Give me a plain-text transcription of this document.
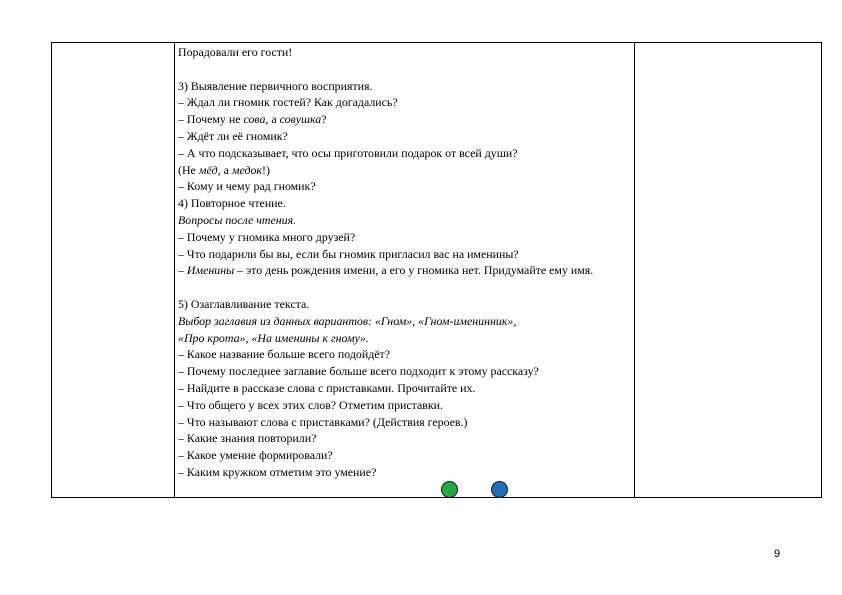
Порадовали его гости!
3) Выявление первичного восприятия.
– Ждал ли гномик гостей? Как догадались?
– Почему не сова, а совушка?
– Ждёт ли её гномик?
– А что подсказывает, что осы приготовили подарок от всей души?
(Не мёд, а медок!)
– Кому и чему рад гномик?
4) Повторное чтение.
Вопросы после чтения.
– Почему у гномика много друзей?
– Что подарили бы вы, если бы гномик пригласил вас на именины?
– Именины – это день рождения имени, а его у гномика нет. Придумайте ему имя.
5) Озаглавливание текста.
Выбор заглавия из данных вариантов: «Гном», «Гном-именинник»,
«Про крота», «На именины к гному».
– Какое название больше всего подойдёт?
– Почему последнее заглавие больше всего подходит к этому рассказу?
– Найдите в рассказе слова с приставками. Прочитайте их.
– Что общего у всех этих слов? Отметим приставки.
– Что называют слова с приставками? (Действия героев.)
– Какие знания повторили?
– Какое умение формировали?
– Каким кружком отметим это умение?
9
